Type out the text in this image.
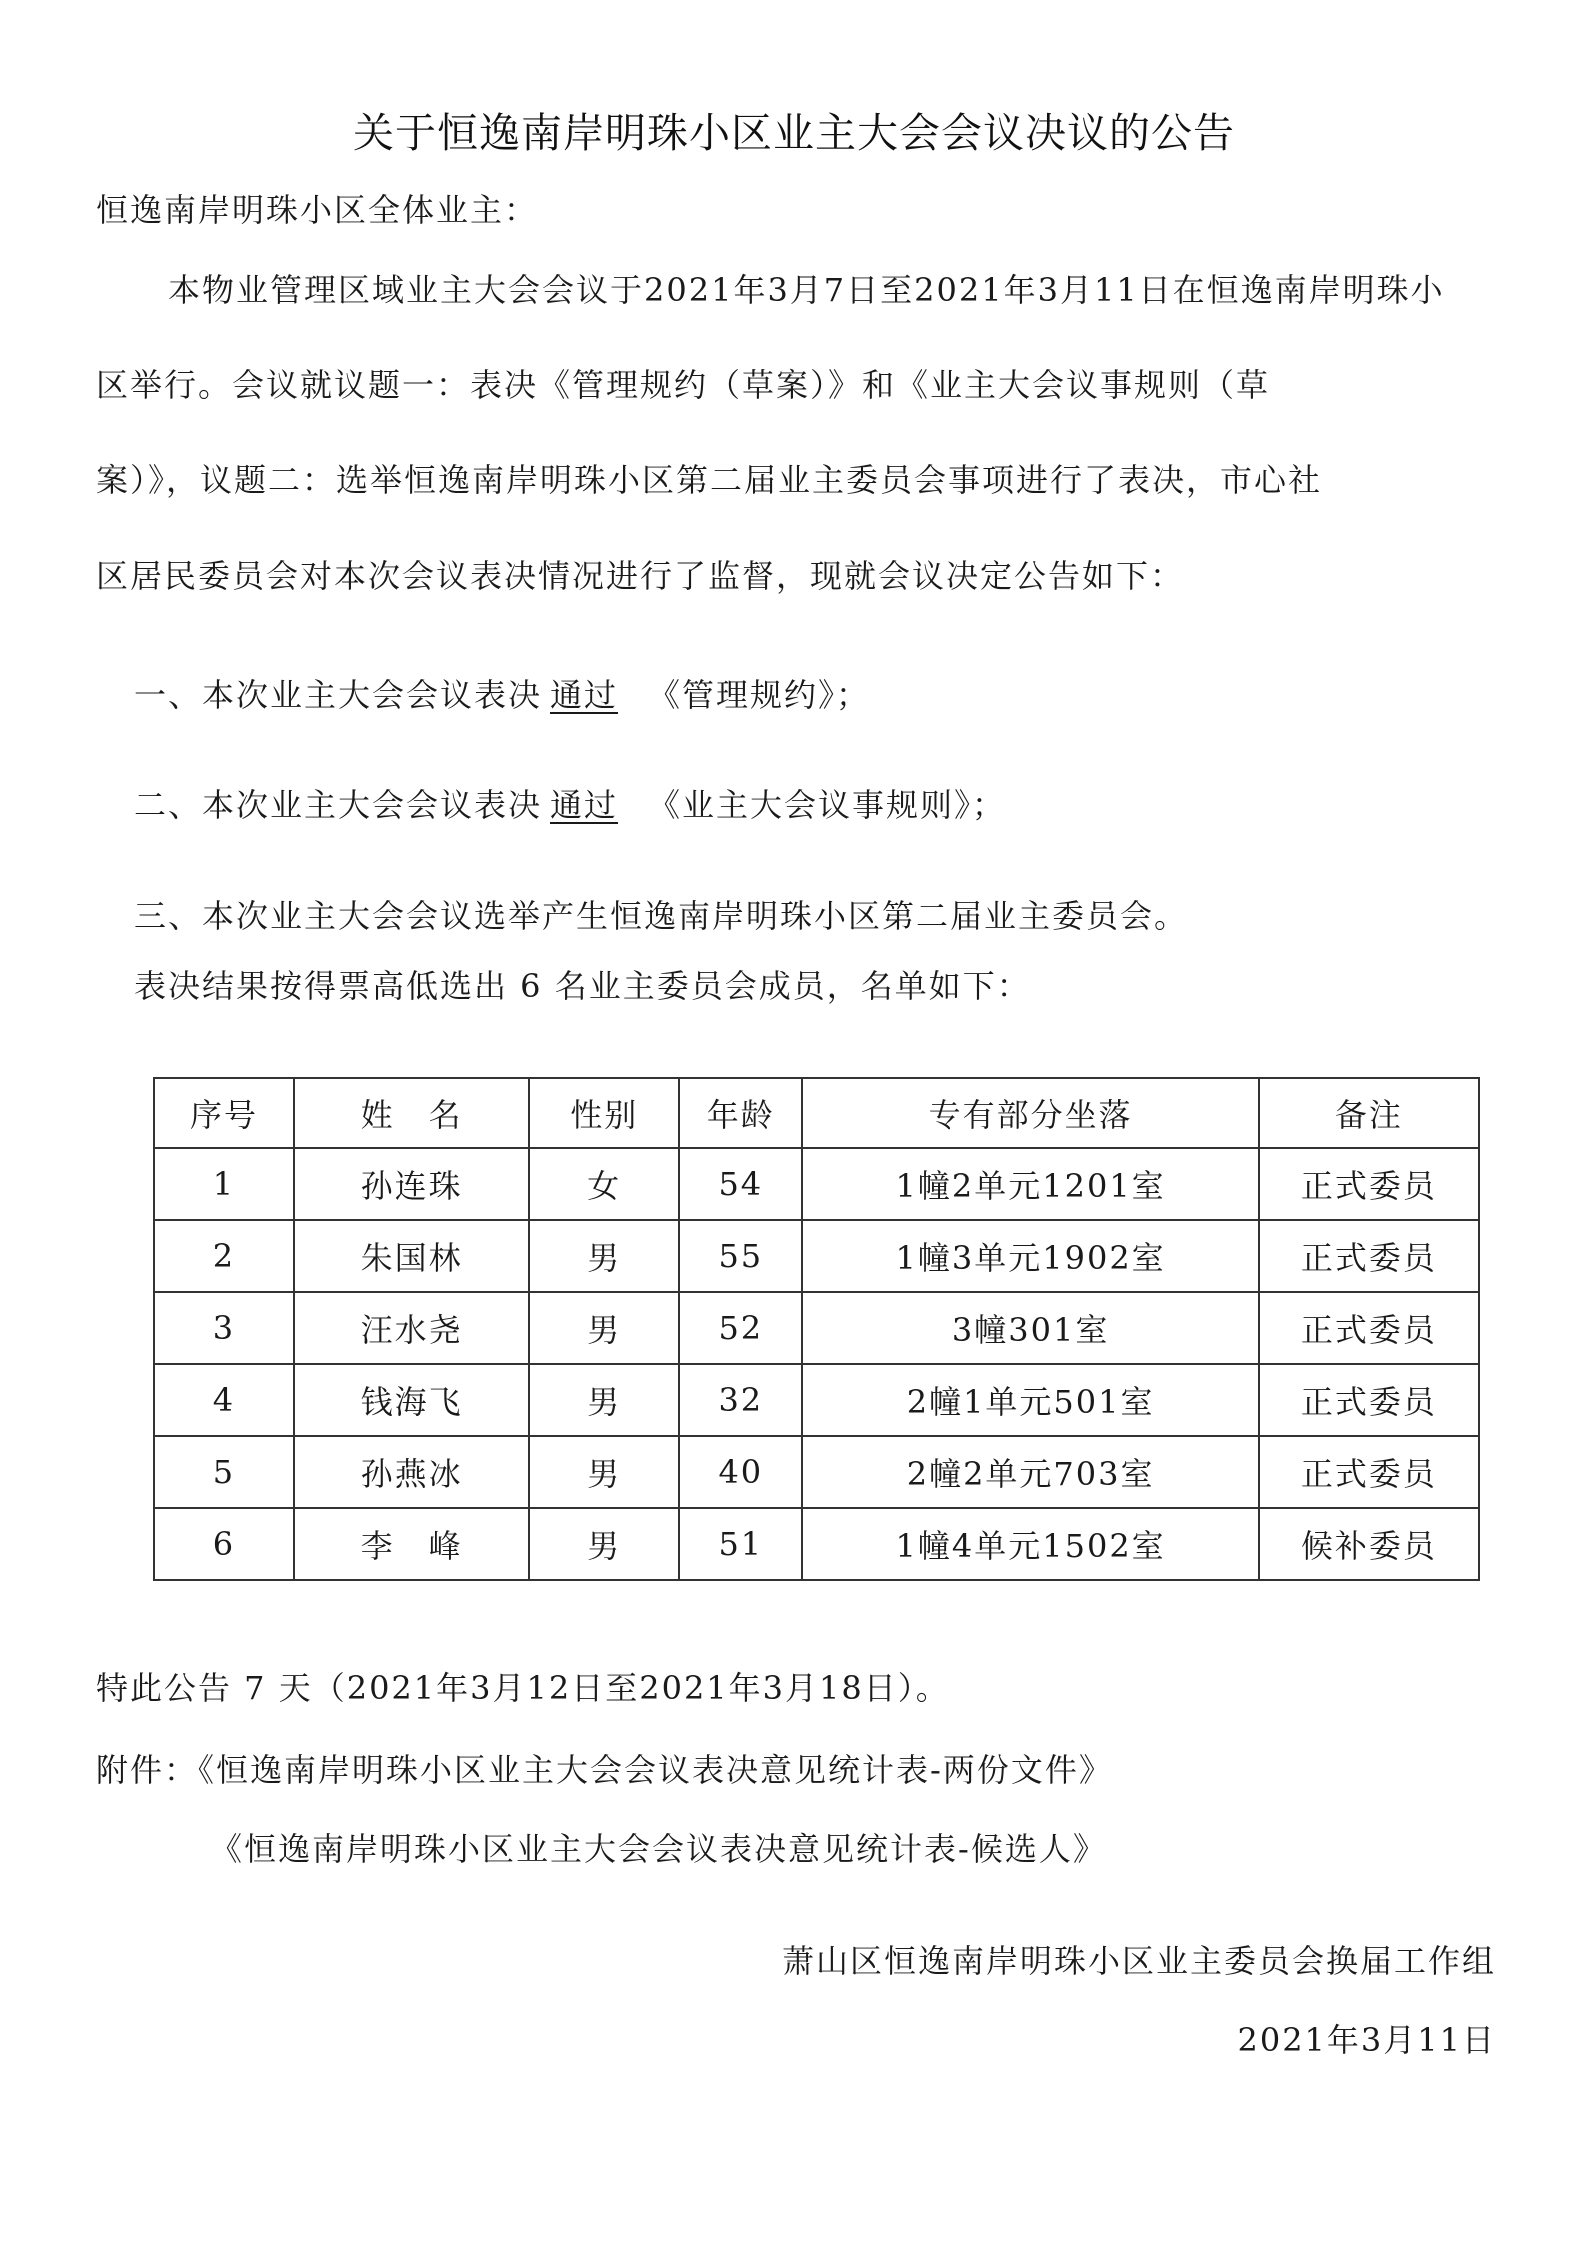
关于恒逸南岸明珠小区业主大会会议决议的公告
恒逸南岸明珠小区全体业主：
本物业管理区域业主大会会议于2021年3月7日至2021年3月11日在恒逸南岸明珠小
区举行。会议就议题一：表决《管理规约（草案）》和《业主大会议事规则（草
案）》，议题二：选举恒逸南岸明珠小区第二届业主委员会事项进行了表决，市心社
区居民委员会对本次会议表决情况进行了监督，现就会议决定公告如下：
一、本次业主大会会议表决 通过 《管理规约》；
二、本次业主大会会议表决 通过 《业主大会议事规则》；
三、本次业主大会会议选举产生恒逸南岸明珠小区第二届业主委员会。
表决结果按得票高低选出 6 名业主委员会成员，名单如下：
序号	姓　名	性别	年龄	专有部分坐落	备注
1	孙连珠	女	54	1幢2单元1201室	正式委员
2	朱国林	男	55	1幢3单元1902室	正式委员
3	汪水尧	男	52	3幢301室	正式委员
4	钱海飞	男	32	2幢1单元501室	正式委员
5	孙燕冰	男	40	2幢2单元703室	正式委员
6	李　峰	男	51	1幢4单元1502室	候补委员
特此公告 7 天（2021年3月12日至2021年3月18日）。
附件：《恒逸南岸明珠小区业主大会会议表决意见统计表-两份文件》
《恒逸南岸明珠小区业主大会会议表决意见统计表-候选人》
萧山区恒逸南岸明珠小区业主委员会换届工作组
2021年3月11日
